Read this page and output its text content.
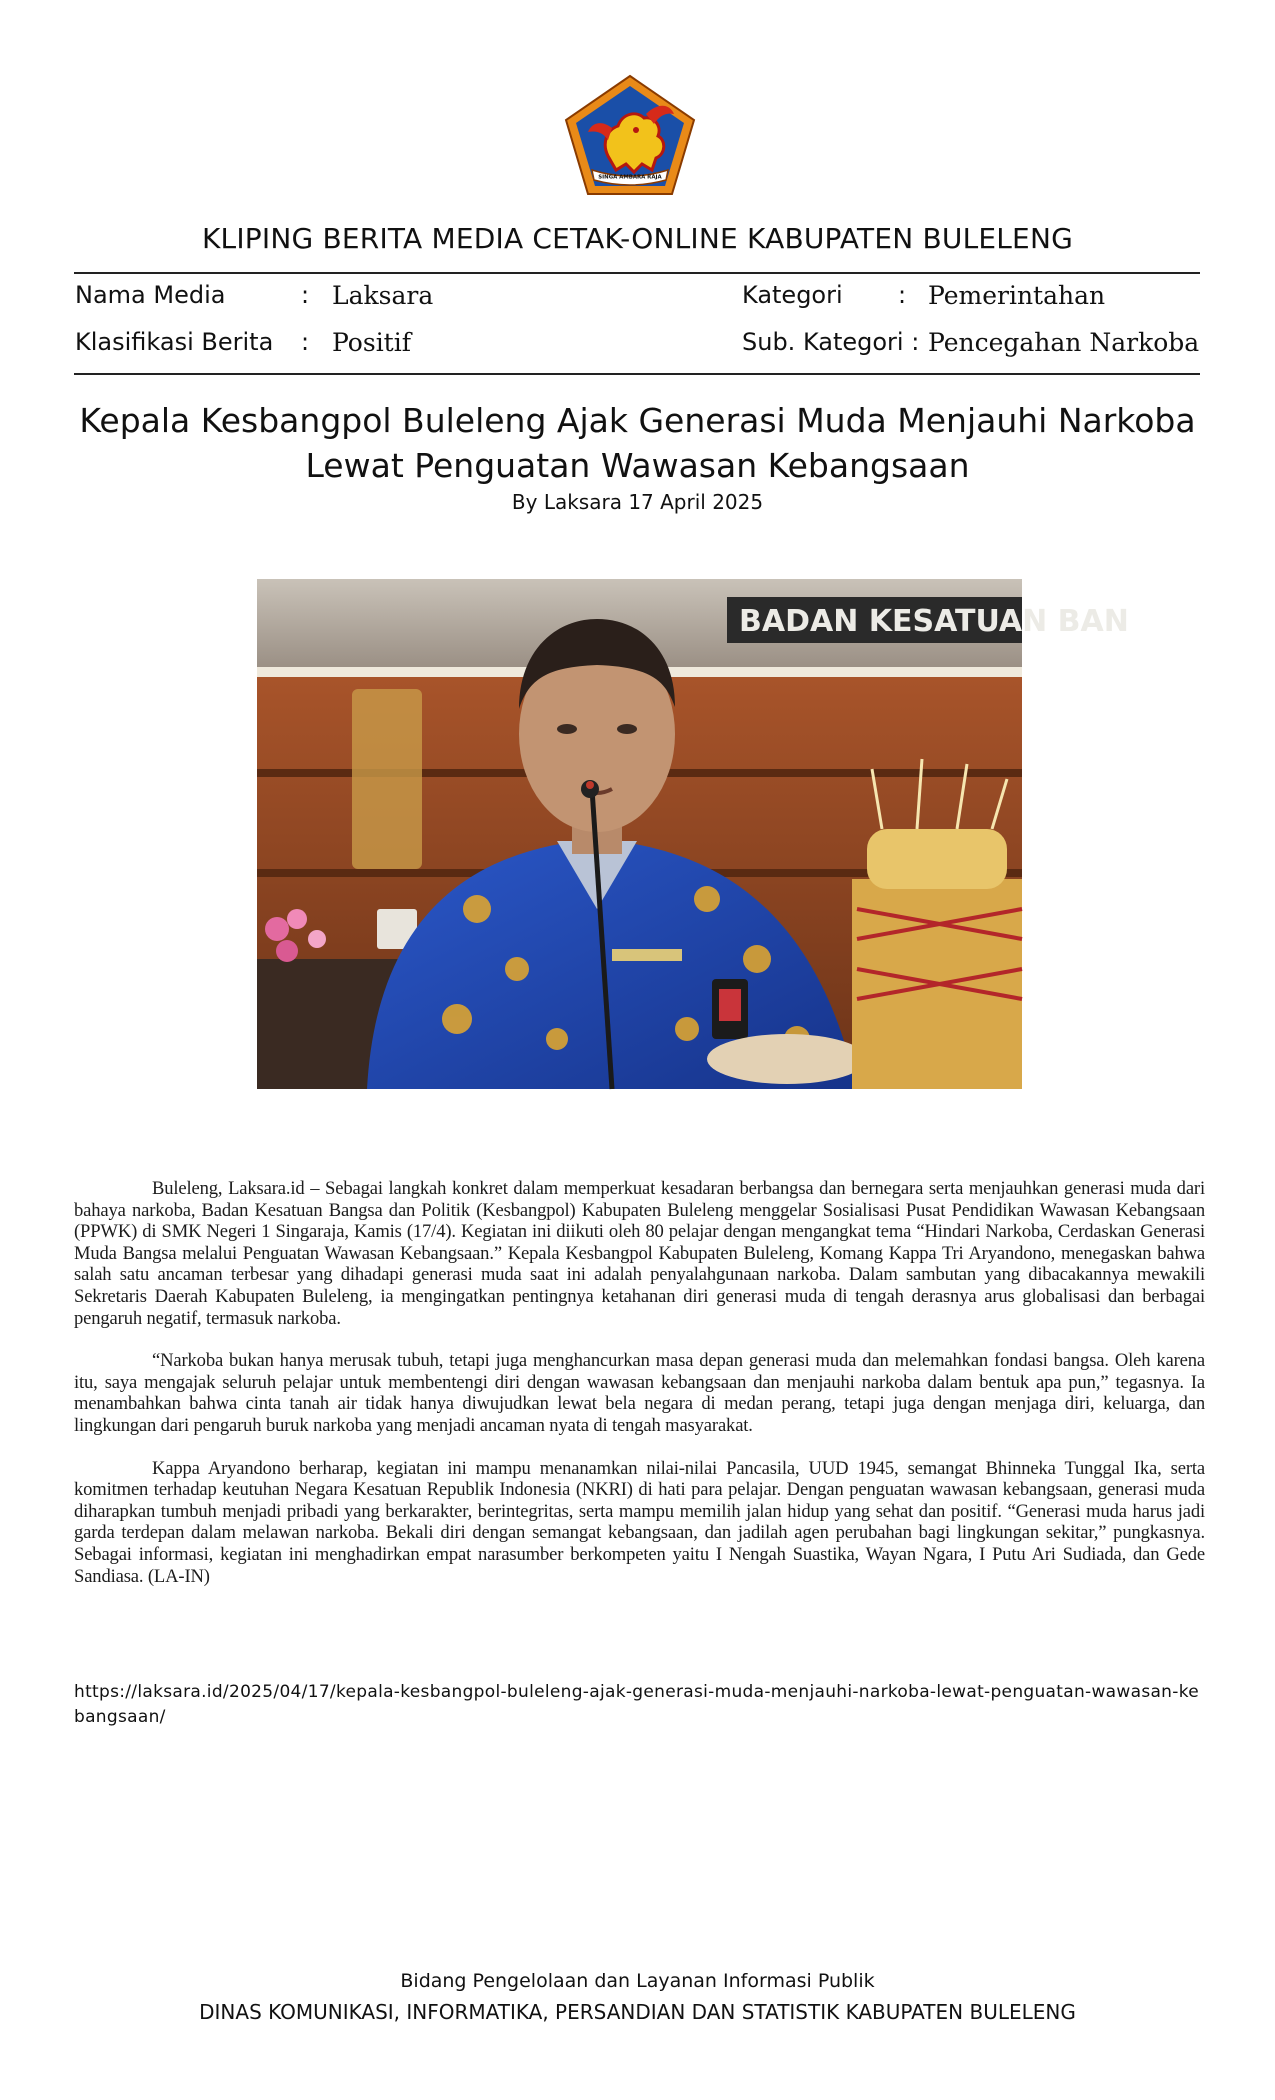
SINGA AMBARA RAJA
KLIPING BERITA MEDIA CETAK-ONLINE KABUPATEN BULELENG
Nama Media	: Laksara	Kategori : Pemerintahan
Klasifikasi Berita : Positif	Sub. Kategori : Pencegahan Narkoba
Kepala Kesbangpol Buleleng Ajak Generasi Muda Menjauhi Narkoba Lewat Penguatan Wawasan Kebangsaan
By Laksara 17 April 2025
BADAN KESATUAN BAN

Buleleng, Laksara.id – Sebagai langkah konkret dalam memperkuat kesadaran berbangsa dan bernegara serta menjauhkan generasi muda dari bahaya narkoba, Badan Kesatuan Bangsa dan Politik (Kesbangpol) Kabupaten Buleleng menggelar Sosialisasi Pusat Pendidikan Wawasan Kebangsaan (PPWK) di SMK Negeri 1 Singaraja, Kamis (17/4). Kegiatan ini diikuti oleh 80 pelajar dengan mengangkat tema “Hindari Narkoba, Cerdaskan Generasi Muda Bangsa melalui Penguatan Wawasan Kebangsaan.” Kepala Kesbangpol Kabupaten Buleleng, Komang Kappa Tri Aryandono, menegaskan bahwa salah satu ancaman terbesar yang dihadapi generasi muda saat ini adalah penyalahgunaan narkoba. Dalam sambutan yang dibacakannya mewakili Sekretaris Daerah Kabupaten Buleleng, ia mengingatkan pentingnya ketahanan diri generasi muda di tengah derasnya arus globalisasi dan berbagai pengaruh negatif, termasuk narkoba.

“Narkoba bukan hanya merusak tubuh, tetapi juga menghancurkan masa depan generasi muda dan melemahkan fondasi bangsa. Oleh karena itu, saya mengajak seluruh pelajar untuk membentengi diri dengan wawasan kebangsaan dan menjauhi narkoba dalam bentuk apa pun,” tegasnya. Ia menambahkan bahwa cinta tanah air tidak hanya diwujudkan lewat bela negara di medan perang, tetapi juga dengan menjaga diri, keluarga, dan lingkungan dari pengaruh buruk narkoba yang menjadi ancaman nyata di tengah masyarakat.

Kappa Aryandono berharap, kegiatan ini mampu menanamkan nilai-nilai Pancasila, UUD 1945, semangat Bhinneka Tunggal Ika, serta komitmen terhadap keutuhan Negara Kesatuan Republik Indonesia (NKRI) di hati para pelajar. Dengan penguatan wawasan kebangsaan, generasi muda diharapkan tumbuh menjadi pribadi yang berkarakter, berintegritas, serta mampu memilih jalan hidup yang sehat dan positif. “Generasi muda harus jadi garda terdepan dalam melawan narkoba. Bekali diri dengan semangat kebangsaan, dan jadilah agen perubahan bagi lingkungan sekitar,” pungkasnya. Sebagai informasi, kegiatan ini menghadirkan empat narasumber berkompeten yaitu I Nengah Suastika, Wayan Ngara, I Putu Ari Sudiada, dan Gede Sandiasa. (LA-IN)

https://laksara.id/2025/04/17/kepala-kesbangpol-buleleng-ajak-generasi-muda-menjauhi-narkoba-lewat-penguatan-wawasan-kebangsaan/
Bidang Pengelolaan dan Layanan Informasi Publik
DINAS KOMUNIKASI, INFORMATIKA, PERSANDIAN DAN STATISTIK KABUPATEN BULELENG
